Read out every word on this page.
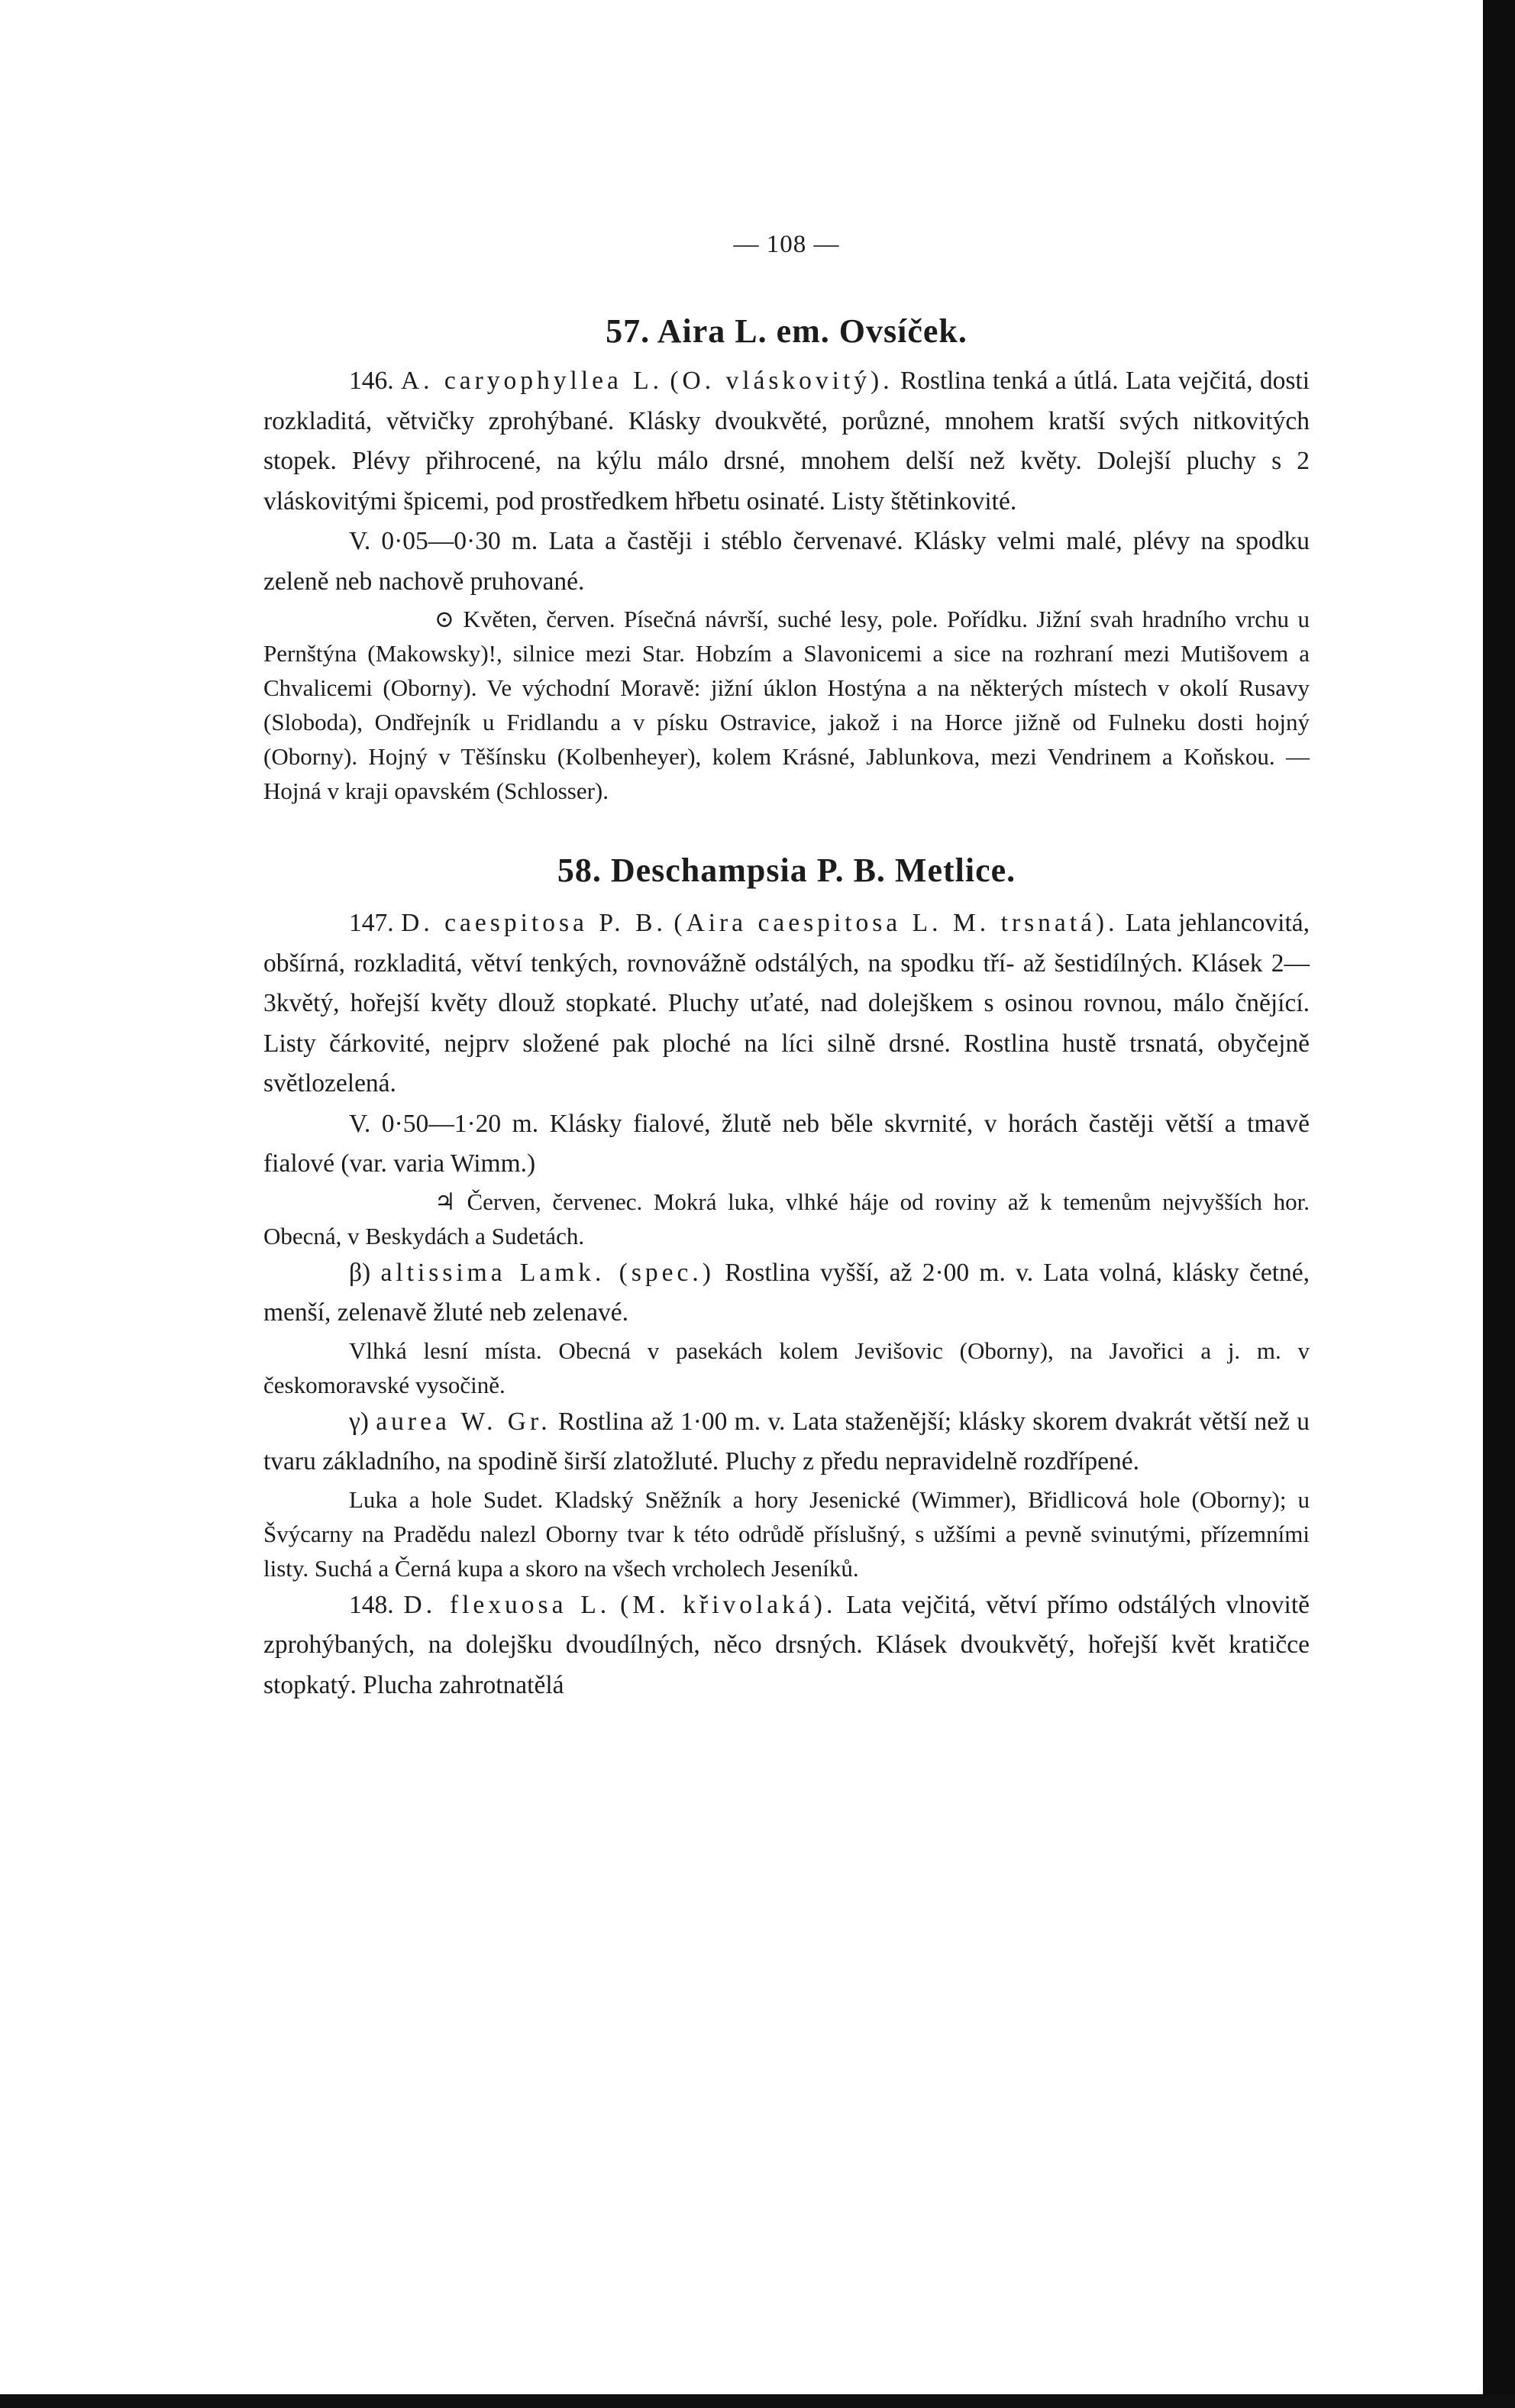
— 108 —
57. Aira L. em. Ovsíček.

146. A. caryophyllea L. (O. vláskovitý). Rostlina tenká a útlá. Lata vejčitá, dosti rozkladitá, větvičky zprohýbané. Klásky dvoukvěté, porůzné, mnohem kratší svých nitkovitých stopek. Plévy přihrocené, na kýlu málo drsné, mnohem delší než květy. Dolejší pluchy s 2 vláskovitými špicemi, pod prostředkem hřbetu osinaté. Listy štětinkovité.

V. 0·05—0·30 m. Lata a častěji i stéblo červenavé. Klásky velmi malé, plévy na spodku zeleně neb nachově pruhované.

⊙ Květen, červen. Písečná návrší, suché lesy, pole. Pořídku. Jižní svah hradního vrchu u Pernštýna (Makowsky)!, silnice mezi Star. Hobzím a Slavonicemi a sice na rozhraní mezi Mutišovem a Chvalicemi (Oborny). Ve východní Moravě: jižní úklon Hostýna a na některých místech v okolí Rusavy (Sloboda), Ondřejník u Fridlandu a v písku Ostravice, jakož i na Horce jižně od Fulneku dosti hojný (Oborny). Hojný v Těšínsku (Kolbenheyer), kolem Krásné, Jablunkova, mezi Vendrinem a Koňskou. — Hojná v kraji opavském (Schlosser).

58. Deschampsia P. B. Metlice.

147. D. caespitosa P. B. (Aira caespitosa L. M. trsnatá). Lata jehlancovitá, obšírná, rozkladitá, větví tenkých, rovnovážně odstálých, na spodku tří- až šestidílných. Klásek 2—3květý, hořejší květy dlouž stopkaté. Pluchy uťaté, nad dolejškem s osinou rovnou, málo čnějící. Listy čárkovité, nejprv složené pak ploché na líci silně drsné. Rostlina hustě trsnatá, obyčejně světlozelená.

V. 0·50—1·20 m. Klásky fialové, žlutě neb běle skvrnité, v horách častěji větší a tmavě fialové (var. varia Wimm.)

♃ Červen, červenec. Mokrá luka, vlhké háje od roviny až k temenům nejvyšších hor. Obecná, v Beskydách a Sudetách.

β) altissima Lamk. (spec.) Rostlina vyšší, až 2·00 m. v. Lata volná, klásky četné, menší, zelenavě žluté neb zelenavé.

Vlhká lesní místa. Obecná v pasekách kolem Jevišovic (Oborny), na Javořici a j. m. v českomoravské vysočině.

γ) aurea W. Gr. Rostlina až 1·00 m. v. Lata staženější; klásky skorem dvakrát větší než u tvaru základního, na spodině širší zlatožluté. Pluchy z předu nepravidelně rozdřípené.

Luka a hole Sudet. Kladský Sněžník a hory Jesenické (Wimmer), Břidlicová hole (Oborny); u Švýcarny na Pradědu nalezl Oborny tvar k této odrůdě příslušný, s užšími a pevně svinutými, přízemními listy. Suchá a Černá kupa a skoro na všech vrcholech Jeseníků.

148. D. flexuosa L. (M. křivolaká). Lata vejčitá, větví přímo odstálých vlnovitě zprohýbaných, na dolejšku dvoudílných, něco drsných. Klásek dvoukvětý, hořejší květ kratičce stopkatý. Plucha zahrotnatělá
